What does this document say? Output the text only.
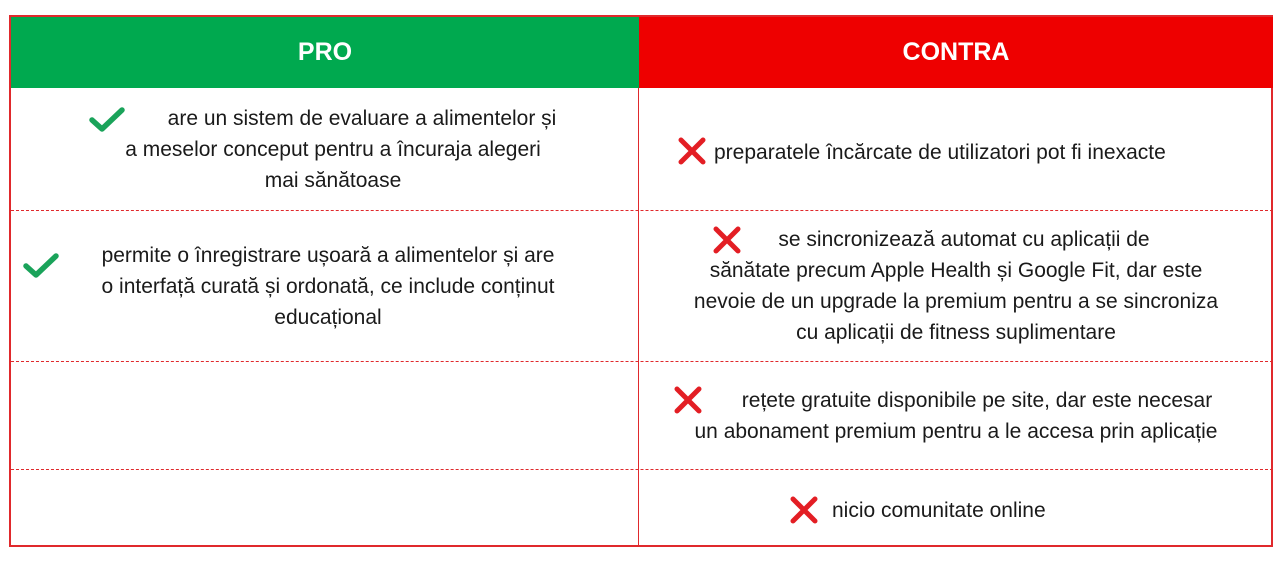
PRO	CONTRA
are un sistem de evaluare a alimentelor și
a meselor conceput pentru a încuraja alegeri
mai sănătoase
permite o înregistrare ușoară a alimentelor și are
o interfață curată și ordonată, ce include conținut
educațional
preparatele încărcate de utilizatori pot fi inexacte
se sincronizează automat cu aplicații de
sănătate precum Apple Health și Google Fit, dar este
nevoie de un upgrade la premium pentru a se sincroniza
cu aplicații de fitness suplimentare
rețete gratuite disponibile pe site, dar este necesar
un abonament premium pentru a le accesa prin aplicație
nicio comunitate online
